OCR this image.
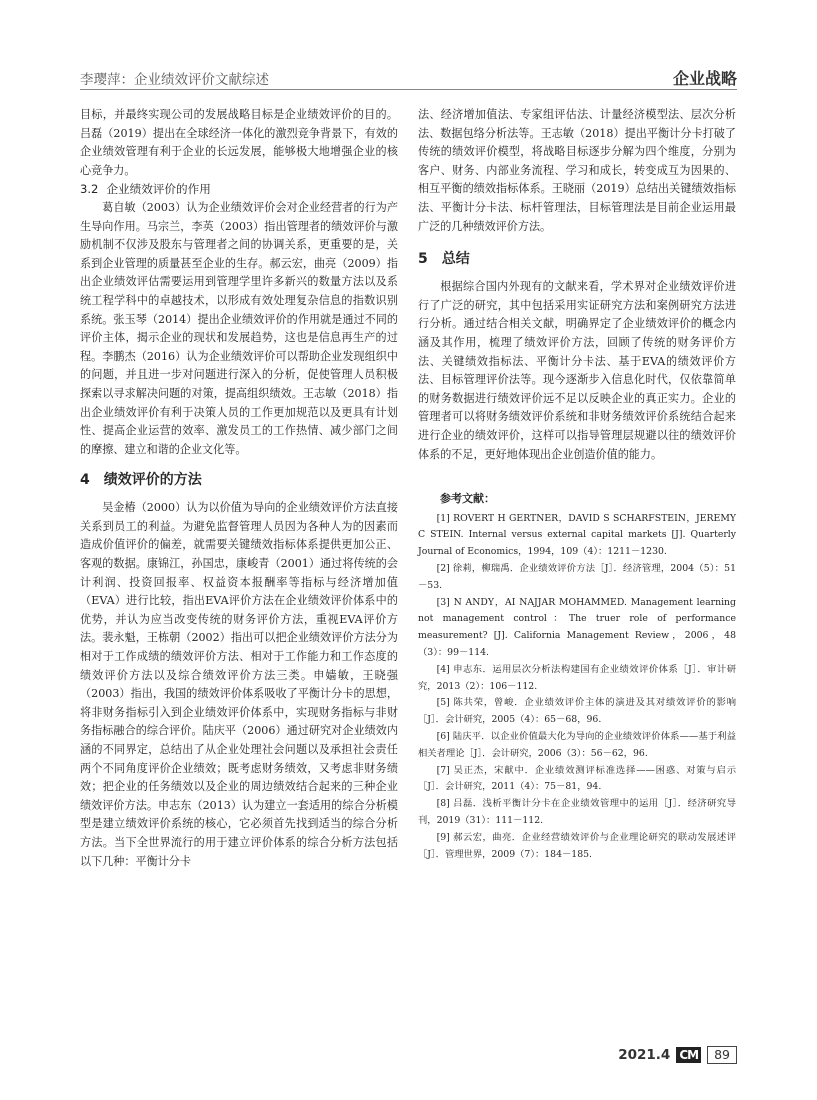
李璎萍：企业绩效评价文献综述	企业战略

目标，并最终实现公司的发展战略目标是企业绩效评价的目的。吕磊（2019）提出在全球经济一体化的激烈竞争背景下，有效的企业绩效管理有利于企业的长远发展，能够极大地增强企业的核心竞争力。

3.2 企业绩效评价的作用

葛自敏（2003）认为企业绩效评价会对企业经营者的行为产生导向作用。马宗兰，李英（2003）指出管理者的绩效评价与激励机制不仅涉及股东与管理者之间的协调关系，更重要的是，关系到企业管理的质量甚至企业的生存。郝云宏，曲亮（2009）指出企业绩效评估需要运用到管理学里许多新兴的数量方法以及系统工程学科中的卓越技术，以形成有效处理复杂信息的指数识别系统。张玉琴（2014）提出企业绩效评价的作用就是通过不同的评价主体，揭示企业的现状和发展趋势，这也是信息再生产的过程。李鹏杰（2016）认为企业绩效评价可以帮助企业发现组织中的问题，并且进一步对问题进行深入的分析，促使管理人员积极探索以寻求解决问题的对策，提高组织绩效。王志敏（2018）指出企业绩效评价有利于决策人员的工作更加规范以及更具有计划性、提高企业运营的效率、激发员工的工作热情、减少部门之间的摩擦、建立和谐的企业文化等。

4 绩效评价的方法

吴金椿（2000）认为以价值为导向的企业绩效评价方法直接关系到员工的利益。为避免监督管理人员因为各种人为的因素而造成价值评价的偏差，就需要关键绩效指标体系提供更加公正、客观的数据。康锦江，孙国忠，康峻青（2001）通过将传统的会计利润、投资回报率、权益资本报酬率等指标与经济增加值（EVA）进行比较，指出EVA评价方法在企业绩效评价体系中的优势，并认为应当改变传统的财务评价方法，重视EVA评价方法。裴永魁，王栋朝（2002）指出可以把企业绩效评价方法分为相对于工作成绩的绩效评价方法、相对于工作能力和工作态度的绩效评价方法以及综合绩效评价方法三类。申嫱敏，王晓强（2003）指出，我国的绩效评价体系吸收了平衡计分卡的思想，将非财务指标引入到企业绩效评价体系中，实现财务指标与非财务指标融合的综合评价。陆庆平（2006）通过研究对企业绩效内涵的不同界定，总结出了从企业处理社会问题以及承担社会责任两个不同角度评价企业绩效；既考虑财务绩效，又考虑非财务绩效；把企业的任务绩效以及企业的周边绩效结合起来的三种企业绩效评价方法。申志东（2013）认为建立一套适用的综合分析模型是建立绩效评价系统的核心，它必须首先找到适当的综合分析方法。当下全世界流行的用于建立评价体系的综合分析方法包括以下几种：平衡计分卡

法、经济增加值法、专家组评估法、计量经济模型法、层次分析法、数据包络分析法等。王志敏（2018）提出平衡计分卡打破了传统的绩效评价模型，将战略目标逐步分解为四个维度，分别为客户、财务、内部业务流程、学习和成长，转变成互为因果的、相互平衡的绩效指标体系。王晓丽（2019）总结出关键绩效指标法、平衡计分卡法、标杆管理法，目标管理法是目前企业运用最广泛的几种绩效评价方法。

5 总结

根据综合国内外现有的文献来看，学术界对企业绩效评价进行了广泛的研究，其中包括采用实证研究方法和案例研究方法进行分析。通过结合相关文献，明确界定了企业绩效评价的概念内涵及其作用，梳理了绩效评价方法，回顾了传统的财务评价方法、关键绩效指标法、平衡计分卡法、基于EVA的绩效评价方法、目标管理评价法等。现今逐渐步入信息化时代，仅依靠简单的财务数据进行绩效评价远不足以反映企业的真正实力。企业的管理者可以将财务绩效评价系统和非财务绩效评价系统结合起来进行企业的绩效评价，这样可以指导管理层规避以往的绩效评价体系的不足，更好地体现出企业创造价值的能力。

参考文献：

[1] ROVERT H GERTNER，DAVID S SCHARFSTEIN，JEREMY C STEIN. Internal versus external capital markets [J]. Quarterly Journal of Economics，1994，109（4）：1211－1230.

[2] 徐莉，柳瑞禹．企业绩效评价方法［J］．经济管理，2004（5）：51－53.

[3] N ANDY，AI NAJJAR MOHAMMED. Management learning not management control：The truer role of performance measurement? [J]. California Management Review，2006，48（3）：99－114.

[4] 申志东．运用层次分析法构建国有企业绩效评价体系［J］．审计研究，2013（2）：106－112.

[5] 陈共荣，曾峻．企业绩效评价主体的演进及其对绩效评价的影响［J］．会计研究，2005（4）：65－68，96.

[6] 陆庆平．以企业价值最大化为导向的企业绩效评价体系——基于利益相关者理论［J］．会计研究，2006（3）：56－62，96.

[7] 吴正杰，宋献中．企业绩效测评标准选择——困惑、对策与启示［J］．会计研究，2011（4）：75－81，94.

[8] 吕磊．浅析平衡计分卡在企业绩效管理中的运用［J］．经济研究导刊，2019（31）：111－112.

[9] 郝云宏，曲亮．企业经营绩效评价与企业理论研究的联动发展述评［J］．管理世界，2009（7）：184－185.

2021.4 CM	89
